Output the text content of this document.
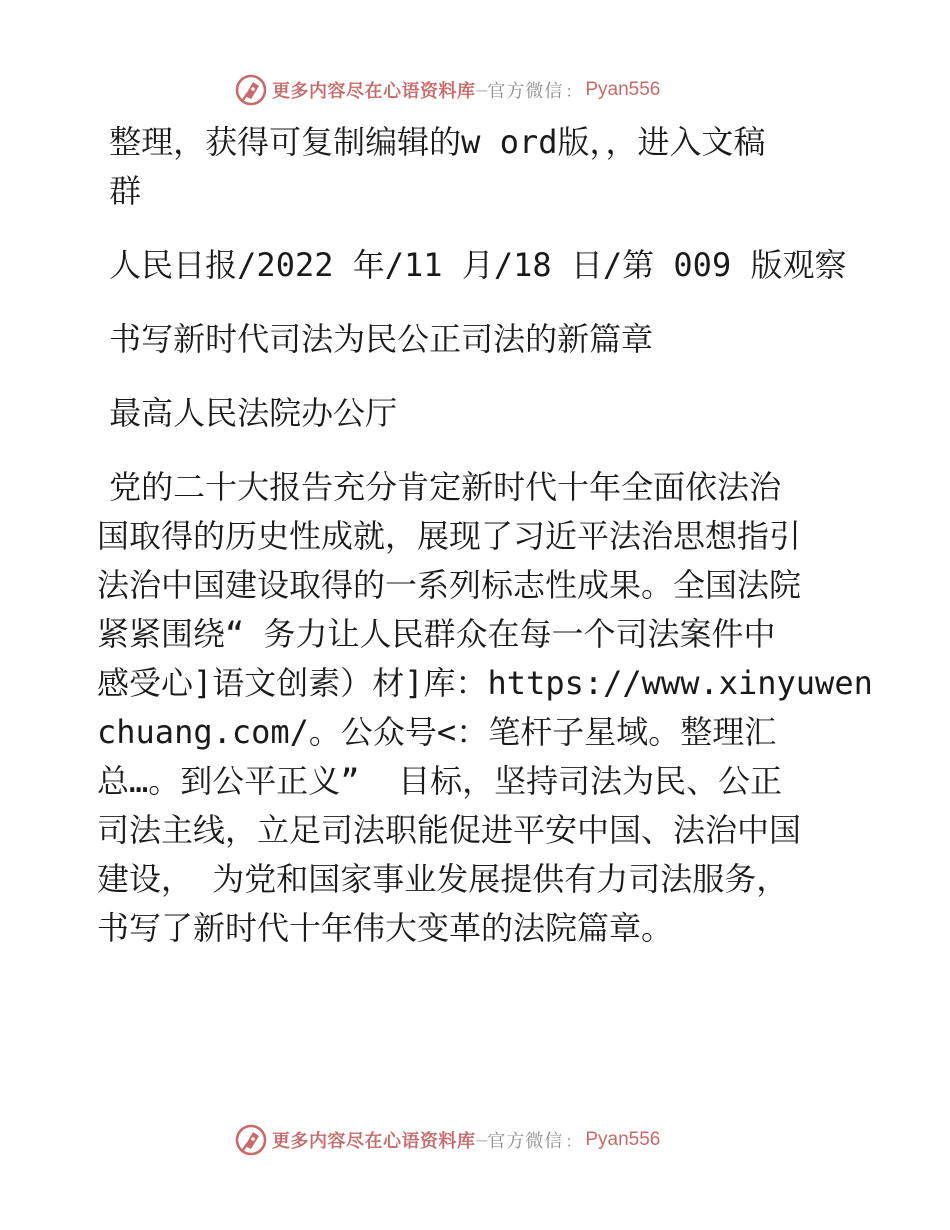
更多内容尽在心语资料库 — 官方微信 ： Pyan556

整理，获得可复制编辑的w ord版，，进入文稿
群

人民日报/2022 年/11 月/18 日/第 009 版观察

书写新时代司法为民公正司法的新篇章

最高人民法院办公厅

党的二十大报告充分肯定新时代十年全面依法治
国取得的历史性成就，展现了习近平法治思想指引
法治中国建设取得的一系列标志性成果。全国法院
紧紧围绕“ 务力让人民群众在每一个司法案件中
感受心]语文创素）材]库：https://www.xinyuwen
chuang.com/。公众号<：笔杆子星域。整理汇
总…。到公平正义”  目标，坚持司法为民、公正
司法主线，立足司法职能促进平安中国、法治中国
建设， 为党和国家事业发展提供有力司法服务，
书写了新时代十年伟大变革的法院篇章。

更多内容尽在心语资料库 — 官方微信 ： Pyan556
